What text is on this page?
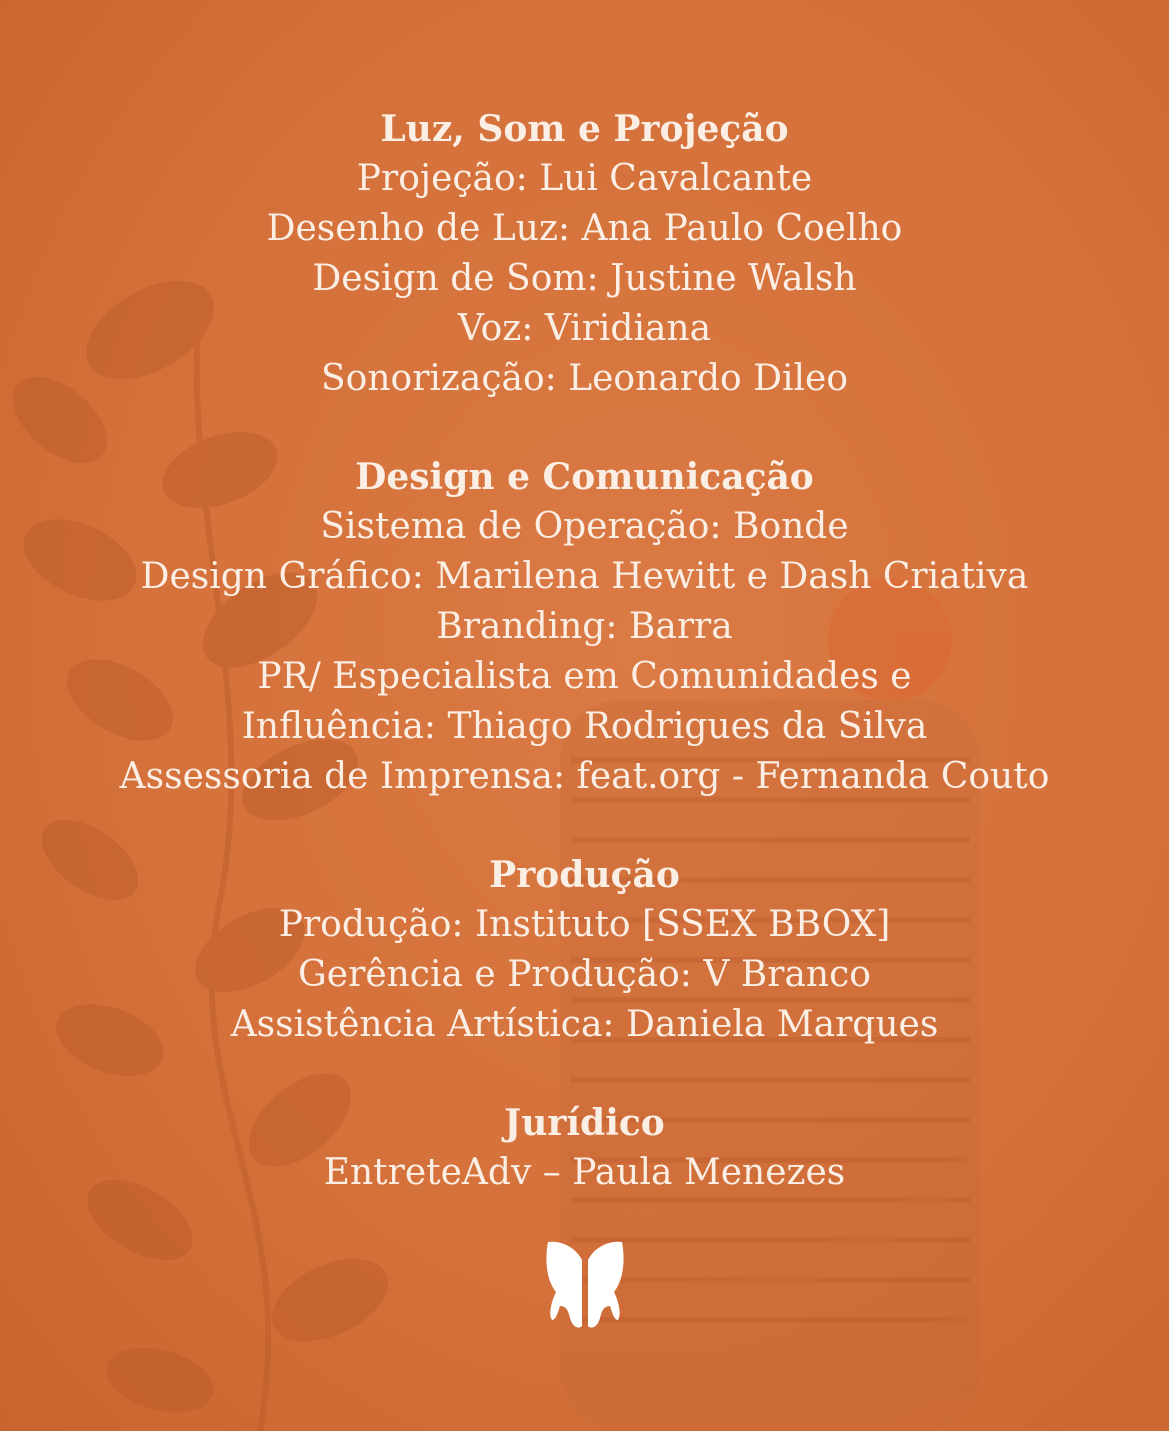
Luz, Som e Projeção
Projeção: Lui Cavalcante
Desenho de Luz: Ana Paulo Coelho
Design de Som: Justine Walsh
Voz: Viridiana
Sonorização: Leonardo Dileo
Design e Comunicação
Sistema de Operação: Bonde
Design Gráfico: Marilena Hewitt e Dash Criativa
Branding: Barra
PR/ Especialista em Comunidades e
Influência: Thiago Rodrigues da Silva
Assessoria de Imprensa: feat.org - Fernanda Couto
Produção
Produção: Instituto [SSEX BBOX]
Gerência e Produção: V Branco
Assistência Artística: Daniela Marques
Jurídico
EntreteAdv – Paula Menezes
